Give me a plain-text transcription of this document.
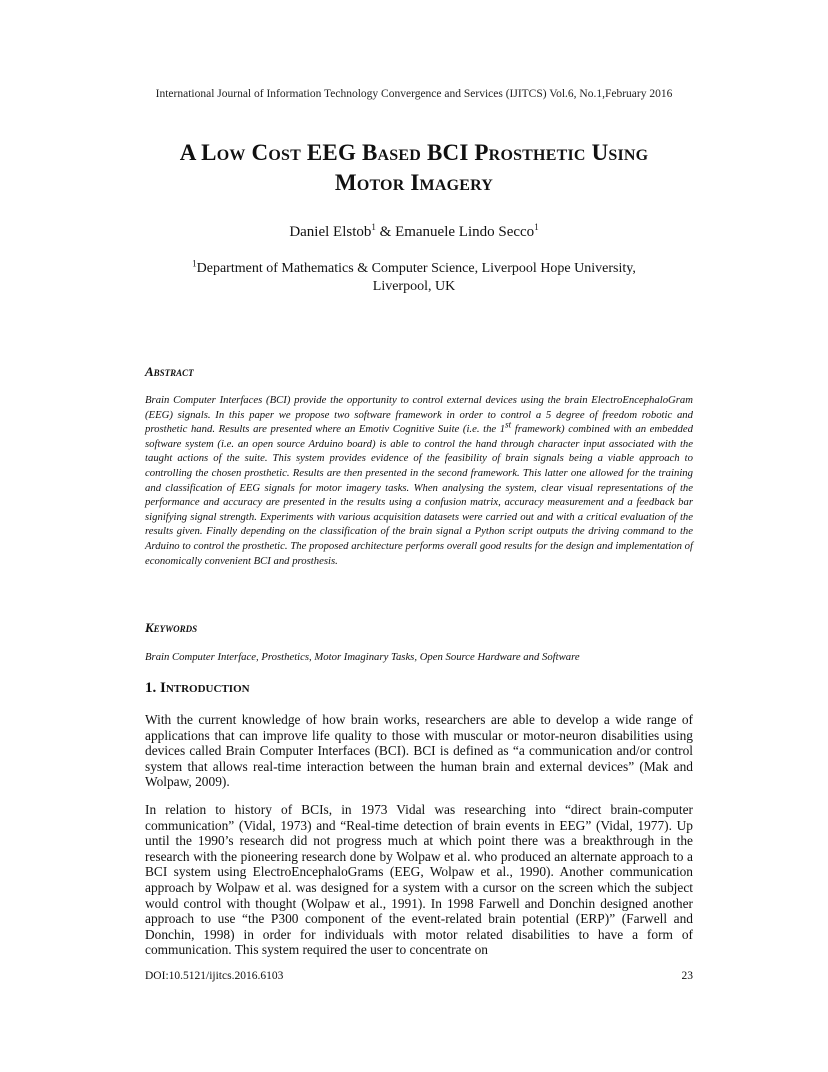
International Journal of Information Technology Convergence and Services (IJITCS) Vol.6, No.1,February 2016
A Low Cost EEG Based BCI Prosthetic Using
Motor Imagery
Daniel Elstob$^1$ & Emanuele Lindo Secco$^1$
$^1$Department of Mathematics & Computer Science, Liverpool Hope University,
Liverpool, UK
Abstract
Brain Computer Interfaces (BCI) provide the opportunity to control external devices using the brain ElectroEncephaloGram (EEG) signals. In this paper we propose two software framework in order to control a 5 degree of freedom robotic and prosthetic hand. Results are presented where an Emotiv Cognitive Suite (i.e. the 1st framework) combined with an embedded software system (i.e. an open source Arduino board) is able to control the hand through character input associated with the taught actions of the suite. This system provides evidence of the feasibility of brain signals being a viable approach to controlling the chosen prosthetic. Results are then presented in the second framework. This latter one allowed for the training and classification of EEG signals for motor imagery tasks. When analysing the system, clear visual representations of the performance and accuracy are presented in the results using a confusion matrix, accuracy measurement and a feedback bar signifying signal strength. Experiments with various acquisition datasets were carried out and with a critical evaluation of the results given. Finally depending on the classification of the brain signal a Python script outputs the driving command to the Arduino to control the prosthetic. The proposed architecture performs overall good results for the design and implementation of economically convenient BCI and prosthesis.
Keywords
Brain Computer Interface, Prosthetics, Motor Imaginary Tasks, Open Source Hardware and Software
1. Introduction

With the current knowledge of how brain works, researchers are able to develop a wide range of applications that can improve life quality to those with muscular or motor-neuron disabilities using devices called Brain Computer Interfaces (BCI). BCI is defined as “a communication and/or control system that allows real-time interaction between the human brain and external devices” (Mak and Wolpaw, 2009).

In relation to history of BCIs, in 1973 Vidal was researching into “direct brain-computer communication” (Vidal, 1973) and “Real-time detection of brain events in EEG” (Vidal, 1977). Up until the 1990’s research did not progress much at which point there was a breakthrough in the research with the pioneering research done by Wolpaw et al. who produced an alternate approach to a BCI system using ElectroEncephaloGrams (EEG, Wolpaw et al., 1990). Another communication approach by Wolpaw et al. was designed for a system with a cursor on the screen which the subject would control with thought (Wolpaw et al., 1991). In 1998 Farwell and Donchin designed another approach to use “the P300 component of the event-related brain potential (ERP)” (Farwell and Donchin, 1998) in order for individuals with motor related disabilities to have a form of communication. This system required the user to concentrate on

DOI:10.5121/ijitcs.2016.6103	23
